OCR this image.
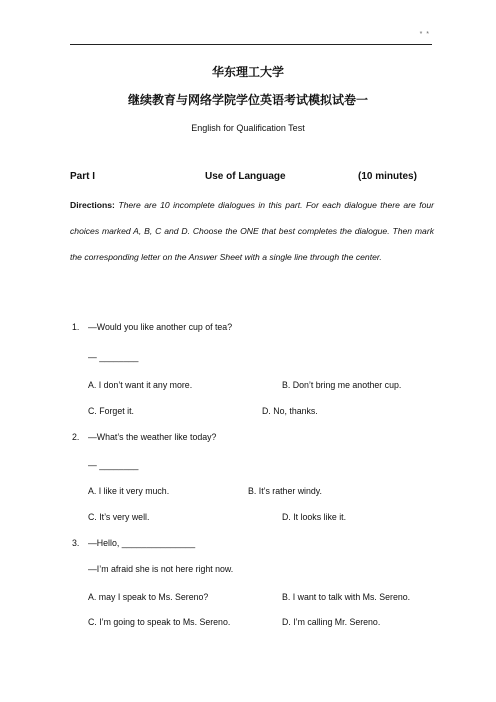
* *
华东理工大学
继续教育与网络学院学位英语考试模拟试卷一
English for Qualification Test
Part I	Use of Language	(10 minutes)
Directions: There are 10 incomplete dialogues in this part. For each dialogue there are four choices marked A, B, C and D. Choose the ONE that best completes the dialogue. Then mark the corresponding letter on the Answer Sheet with a single line through the center.
1. —Would you like another cup of tea?
— ________
A. I don’t want it any more.	B. Don’t bring me another cup.
C. Forget it.	D. No, thanks.
2. —What’s the weather like today?
— ________
A. I like it very much.	B. It’s rather windy.
C. It’s very well.	D. It looks like it.
3. —Hello, _______________
—I’m afraid she is not here right now.
A. may I speak to Ms. Sereno?	B. I want to talk with Ms. Sereno.
C. I’m going to speak to Ms. Sereno.	D. I’m calling Mr. Sereno.
